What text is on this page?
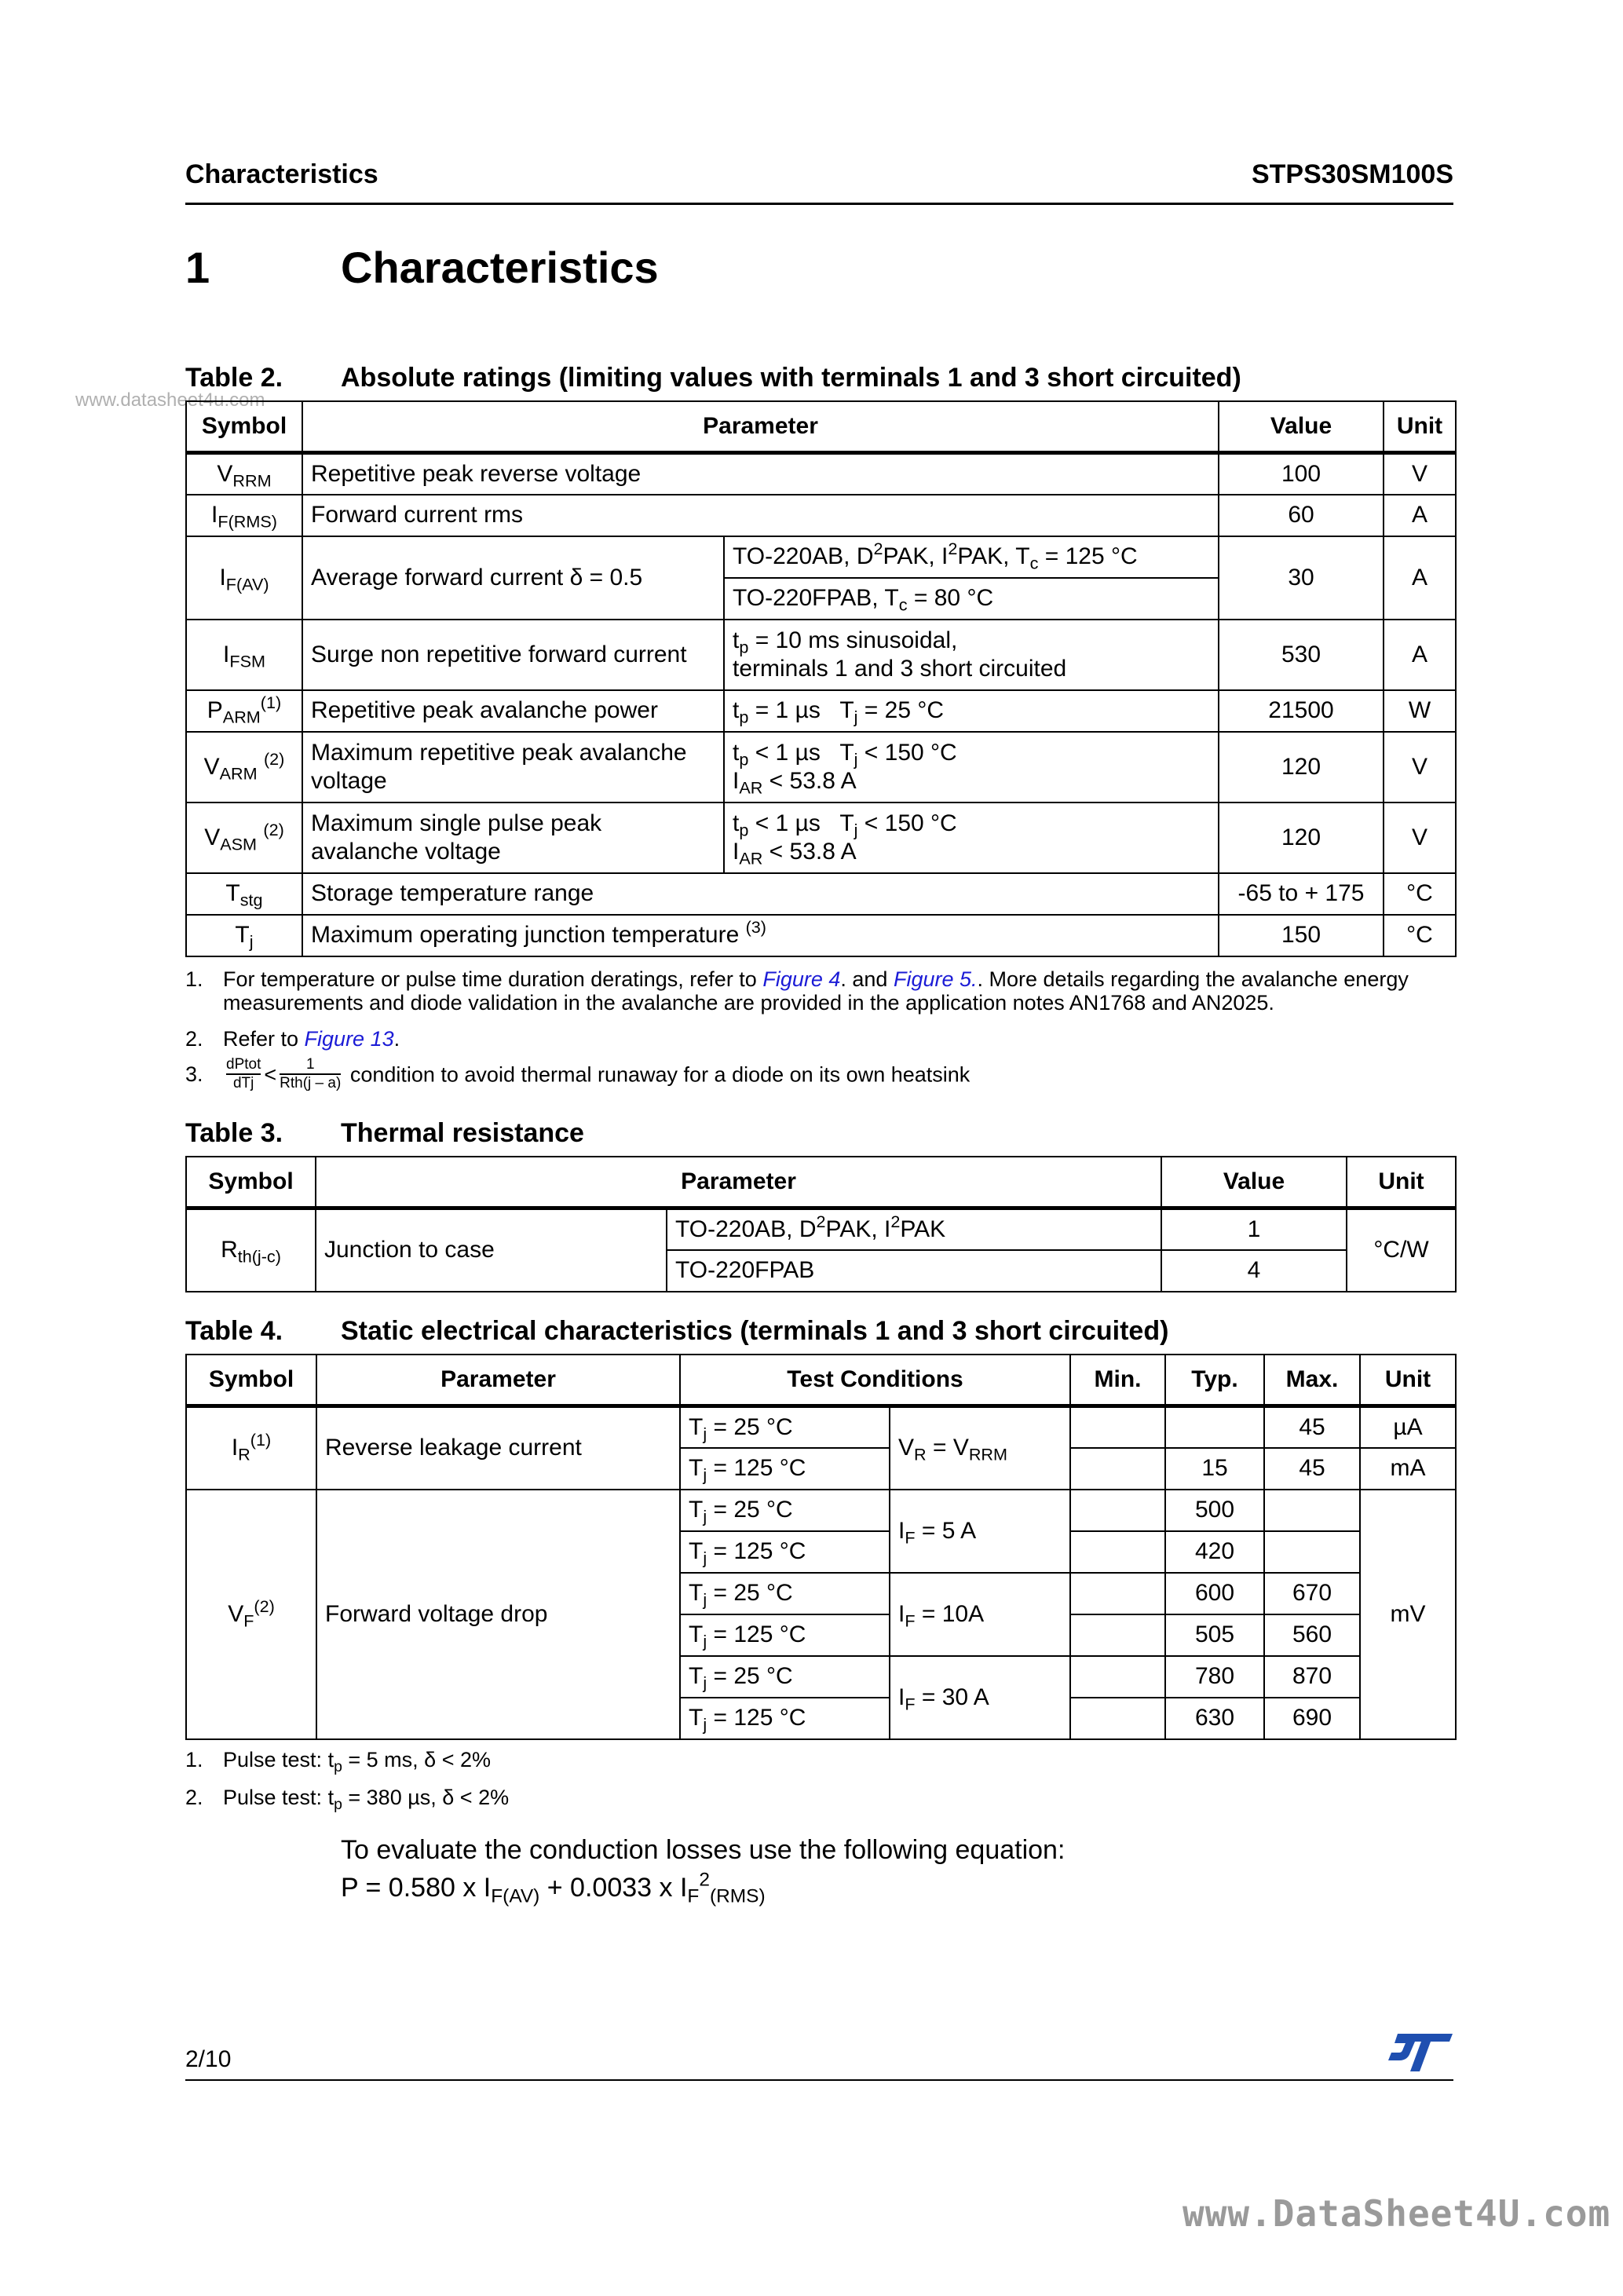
Characteristics	STPS30SM100S
1	Characteristics
www.datasheet4u.com
Table 2. Absolute ratings (limiting values with terminals 1 and 3 short circuited)
Symbol	Parameter		Value	Unit
$V_{RRM}$	Repetitive peak reverse voltage		100	V
$I_{F(RMS)}$	Forward current rms		60	A
$I_{F(AV)}$	Average forward current δ = 0.5	TO-220AB, $D^2PAK$, $I^2PAK$, $T_c = 125$ °C	30	A
		TO-220FPAB, $T_c = 80$ °C		
$I_{FSM}$	Surge non repetitive forward current	$t_p = 10$ ms sinusoidal,
terminals 1 and 3 short circuited	530	A
$P_{ARM}^{(1)}$	Repetitive peak avalanche power	$t_p = 1$ µs   $T_j = 25$ °C	21500	W
$V_{ARM}$ $^{(2)}$	Maximum repetitive peak avalanche voltage	$t_p < 1$ µs   $T_j < 150$ °C
$I_{AR} < 53.8$ A	120	V
$V_{ASM}$ $^{(2)}$	Maximum single pulse peak avalanche voltage	$t_p < 1$ µs   $T_j < 150$ °C
$I_{AR} < 53.8$ A	120	V
$T_{stg}$	Storage temperature range		-65 to + 175	°C
$T_j$	Maximum operating junction temperature $^{(3)}$		150	°C
1. For temperature or pulse time duration deratings, refer to Figure 4. and Figure 5.. More details regarding the avalanche energy measurements and diode validation in the avalanche are provided in the application notes AN1768 and AN2025.
2. Refer to Figure 13.
3. $\frac{\text{dPtot}}{\text{dTj}} < \frac{1}{\text{Rth(j – a)}}$ condition to avoid thermal runaway for a diode on its own heatsink
Table 3. Thermal resistance
Symbol	Parameter		Value	Unit
$R_{th(j-c)}$	Junction to case	TO-220AB, $D^2PAK$, $I^2PAK$	1	°C/W
		TO-220FPAB	4	
Table 4. Static electrical characteristics (terminals 1 and 3 short circuited)
Symbol	Parameter	Test Conditions		Min.	Typ.	Max.	Unit
$I_R^{(1)}$	Reverse leakage current	$T_j = 25$ °C	$V_R = V_{RRM}$			45	µA
		$T_j = 125$ °C			15	45	mA
$V_F^{(2)}$	Forward voltage drop	$T_j = 25$ °C	$I_F = 5$ A		500		mV
		$T_j = 125$ °C			420		
		$T_j = 25$ °C	$I_F = 10A$		600	670	
		$T_j = 125$ °C			505	560	
		$T_j = 25$ °C	$I_F = 30$ A		780	870	
		$T_j = 125$ °C			630	690	
1. Pulse test: $t_p = 5$ ms, δ < 2%
2. Pulse test: $t_p = 380$ µs, δ < 2%
To evaluate the conduction losses use the following equation:
P = 0.580 x $I_{F(AV)} + 0.0033$ x $I_F^2_{(RMS)}$
2/10
www.DataSheet4U.com
